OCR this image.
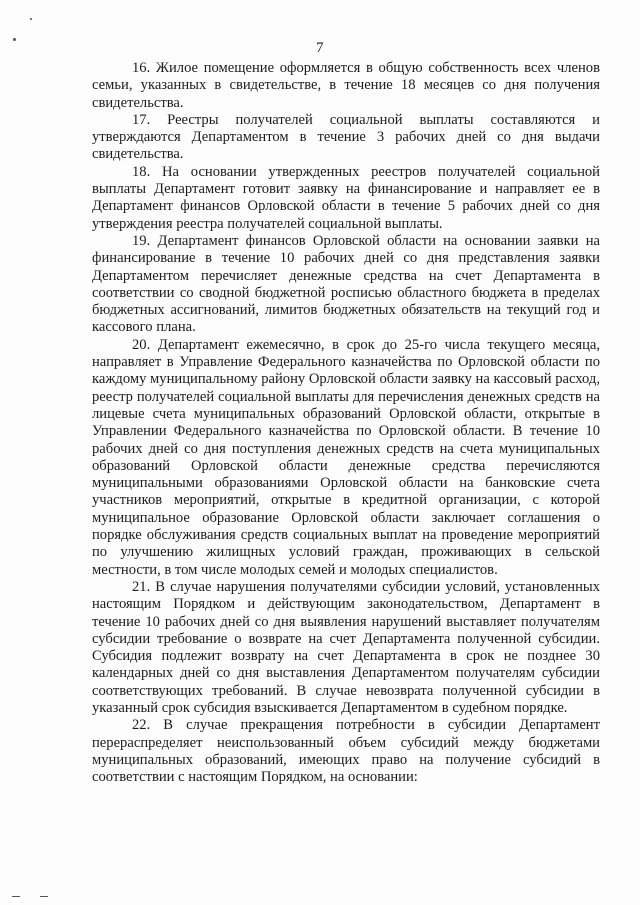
7

16. Жилое помещение оформляется в общую собственность всех членов семьи, указанных в свидетельстве, в течение 18 месяцев со дня получения свидетельства.

17. Реестры получателей социальной выплаты составляются и утверждаются Департаментом в течение 3 рабочих дней со дня выдачи свидетельства.

18. На основании утвержденных реестров получателей социальной выплаты Департамент готовит заявку на финансирование и направляет ее в Департамент финансов Орловской области в течение 5 рабочих дней со дня утверждения реестра получателей социальной выплаты.

19. Департамент финансов Орловской области на основании заявки на финансирование в течение 10 рабочих дней со дня представления заявки Департаментом перечисляет денежные средства на счет Департамента в соответствии со сводной бюджетной росписью областного бюджета в пределах бюджетных ассигнований, лимитов бюджетных обязательств на текущий год и кассового плана.

20. Департамент ежемесячно, в срок до 25-го числа текущего месяца, направляет в Управление Федерального казначейства по Орловской области по каждому муниципальному району Орловской области заявку на кассовый расход, реестр получателей социальной выплаты для перечисления денежных средств на лицевые счета муниципальных образований Орловской области, открытые в Управлении Федерального казначейства по Орловской области. В течение 10 рабочих дней со дня поступления денежных средств на счета муниципальных образований Орловской области денежные средства перечисляются муниципальными образованиями Орловской области на банковские счета участников мероприятий, открытые в кредитной организации, с которой муниципальное образование Орловской области заключает соглашения о порядке обслуживания средств социальных выплат на проведение мероприятий по улучшению жилищных условий граждан, проживающих в сельской местности, в том числе молодых семей и молодых специалистов.

21. В случае нарушения получателями субсидии условий, установленных настоящим Порядком и действующим законодательством, Департамент в течение 10 рабочих дней со дня выявления нарушений выставляет получателям субсидии требование о возврате на счет Департамента полученной субсидии. Субсидия подлежит возврату на счет Департамента в срок не позднее 30 календарных дней со дня выставления Департаментом получателям субсидии соответствующих требований. В случае невозврата полученной субсидии в указанный срок субсидия взыскивается Департаментом в судебном порядке.

22. В случае прекращения потребности в субсидии Департамент перераспределяет неиспользованный объем субсидий между бюджетами муниципальных образований, имеющих право на получение субсидий в соответствии с настоящим Порядком, на основании:
